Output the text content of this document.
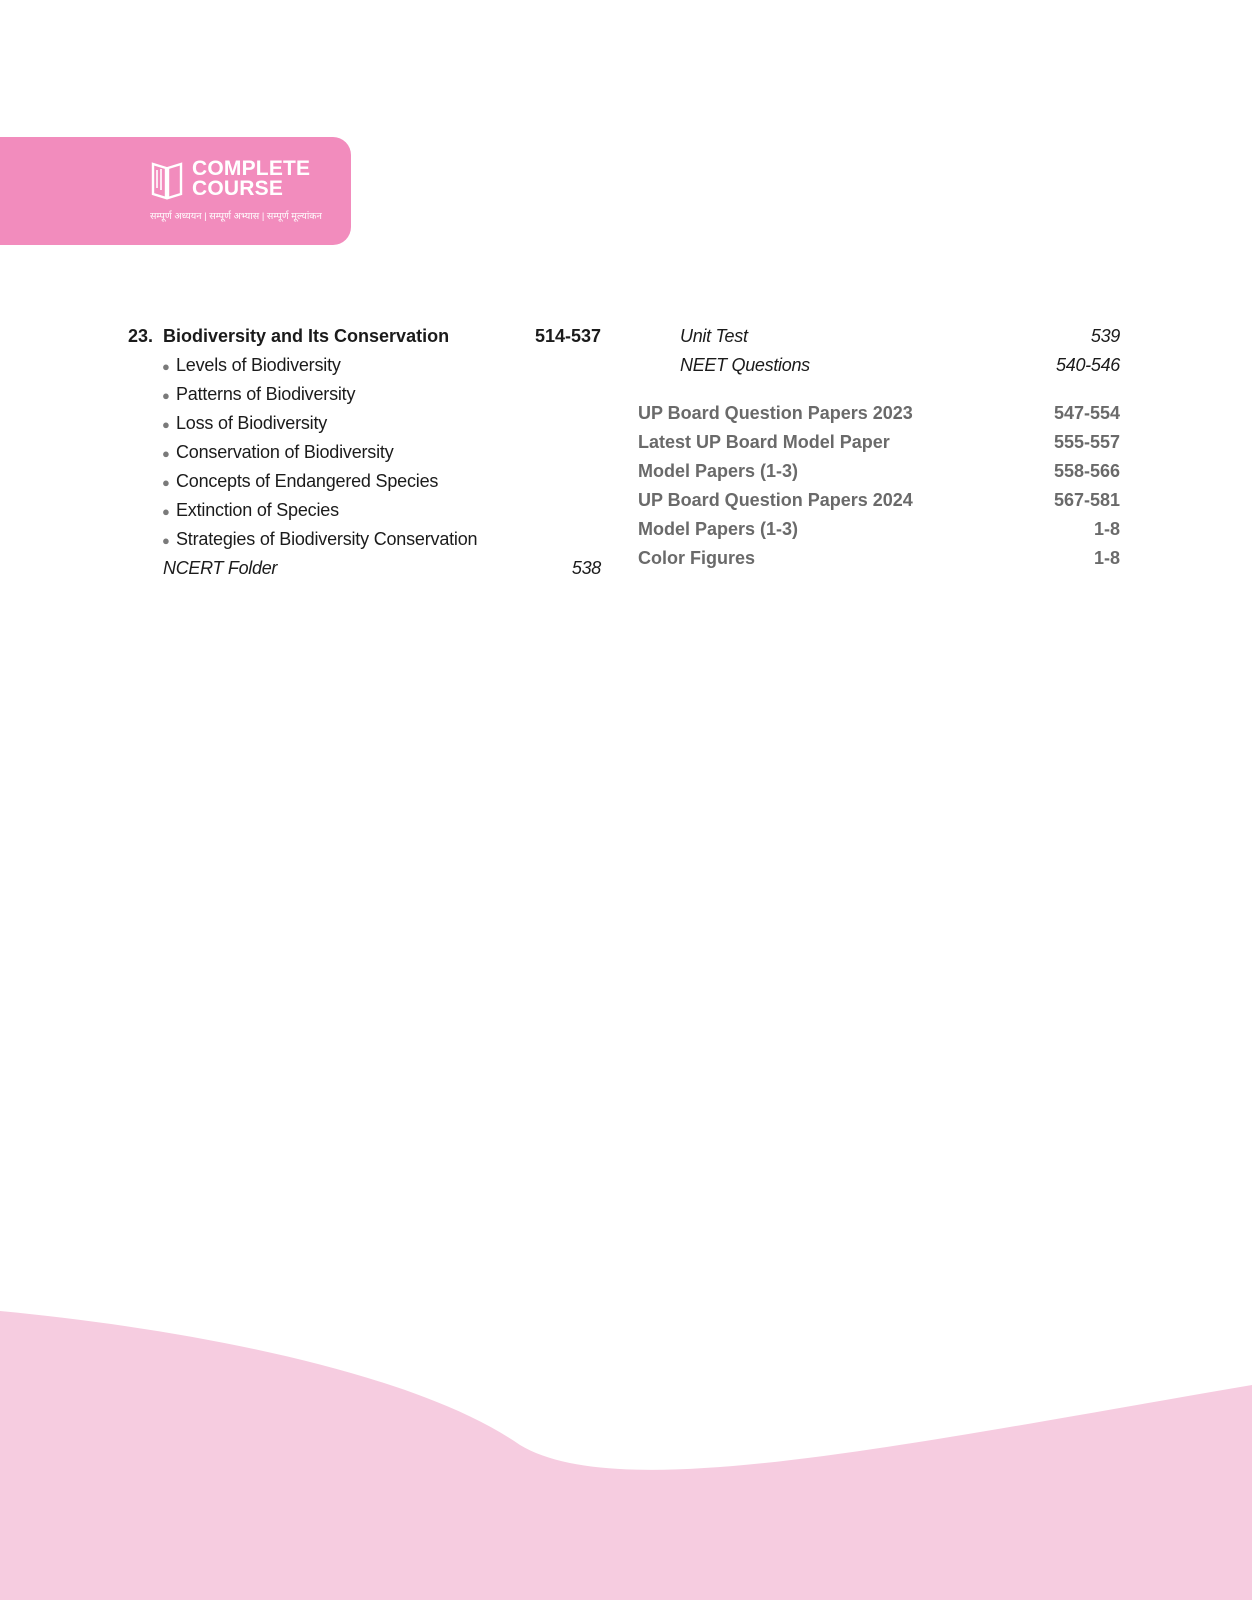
COMPLETE
COURSE
सम्पूर्ण अध्ययन | सम्पूर्ण अभ्यास | सम्पूर्ण मूल्यांकन
23. Biodiversity and Its Conservation	514-537
● Levels of Biodiversity
● Patterns of Biodiversity
● Loss of Biodiversity
● Conservation of Biodiversity
● Concepts of Endangered Species
● Extinction of Species
● Strategies of Biodiversity Conservation
NCERT Folder	538
Unit Test	539
NEET Questions	540-546
UP Board Question Papers 2023	547-554
Latest UP Board Model Paper	555-557
Model Papers (1-3)	558-566
UP Board Question Papers 2024	567-581
Model Papers (1-3)	1-8
Color Figures	1-8
